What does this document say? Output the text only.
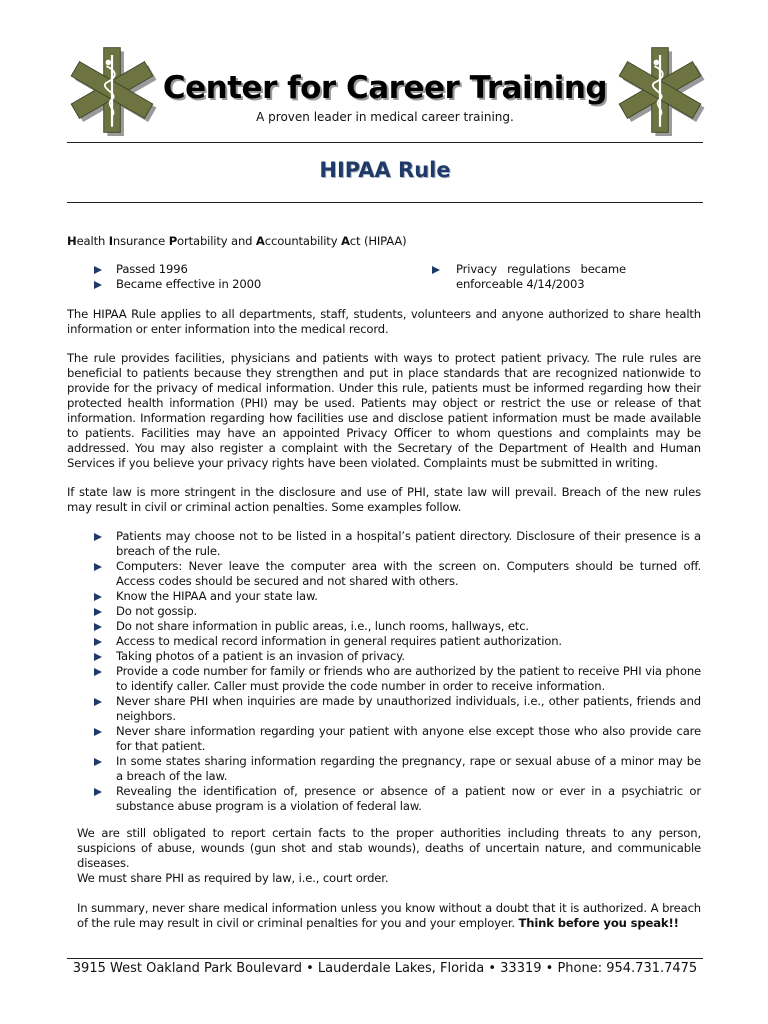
Center for Career Training
A proven leader in medical career training.
HIPAA Rule
Health Insurance Portability and Accountability Act (HIPAA)
Passed 1996
Became effective in 2000
Privacy regulations became enforceable 4/14/2003

The HIPAA Rule applies to all departments, staff, students, volunteers and anyone authorized to share health information or enter information into the medical record.

The rule provides facilities, physicians and patients with ways to protect patient privacy. The rule rules are beneficial to patients because they strengthen and put in place standards that are recognized nationwide to provide for the privacy of medical information. Under this rule, patients must be informed regarding how their protected health information (PHI) may be used. Patients may object or restrict the use or release of that information. Information regarding how facilities use and disclose patient information must be made available to patients. Facilities may have an appointed Privacy Officer to whom questions and complaints may be addressed. You may also register a complaint with the Secretary of the Department of Health and Human Services if you believe your privacy rights have been violated. Complaints must be submitted in writing.

If state law is more stringent in the disclosure and use of PHI, state law will prevail. Breach of the new rules may result in civil or criminal action penalties. Some examples follow.

Patients may choose not to be listed in a hospital’s patient directory. Disclosure of their presence is a breach of the rule.
Computers: Never leave the computer area with the screen on. Computers should be turned off. Access codes should be secured and not shared with others.
Know the HIPAA and your state law.
Do not gossip.
Do not share information in public areas, i.e., lunch rooms, hallways, etc.
Access to medical record information in general requires patient authorization.
Taking photos of a patient is an invasion of privacy.
Provide a code number for family or friends who are authorized by the patient to receive PHI via phone to identify caller. Caller must provide the code number in order to receive information.
Never share PHI when inquiries are made by unauthorized individuals, i.e., other patients, friends and neighbors.
Never share information regarding your patient with anyone else except those who also provide care for that patient.
In some states sharing information regarding the pregnancy, rape or sexual abuse of a minor may be a breach of the law.
Revealing the identification of, presence or absence of a patient now or ever in a psychiatric or substance abuse program is a violation of federal law.

We are still obligated to report certain facts to the proper authorities including threats to any person, suspicions of abuse, wounds (gun shot and stab wounds), deaths of uncertain nature, and communicable diseases.

We must share PHI as required by law, i.e., court order.

In summary, never share medical information unless you know without a doubt that it is authorized. A breach of the rule may result in civil or criminal penalties for you and your employer. Think before you speak!!

3915 West Oakland Park Boulevard • Lauderdale Lakes, Florida • 33319 • Phone: 954.731.7475
